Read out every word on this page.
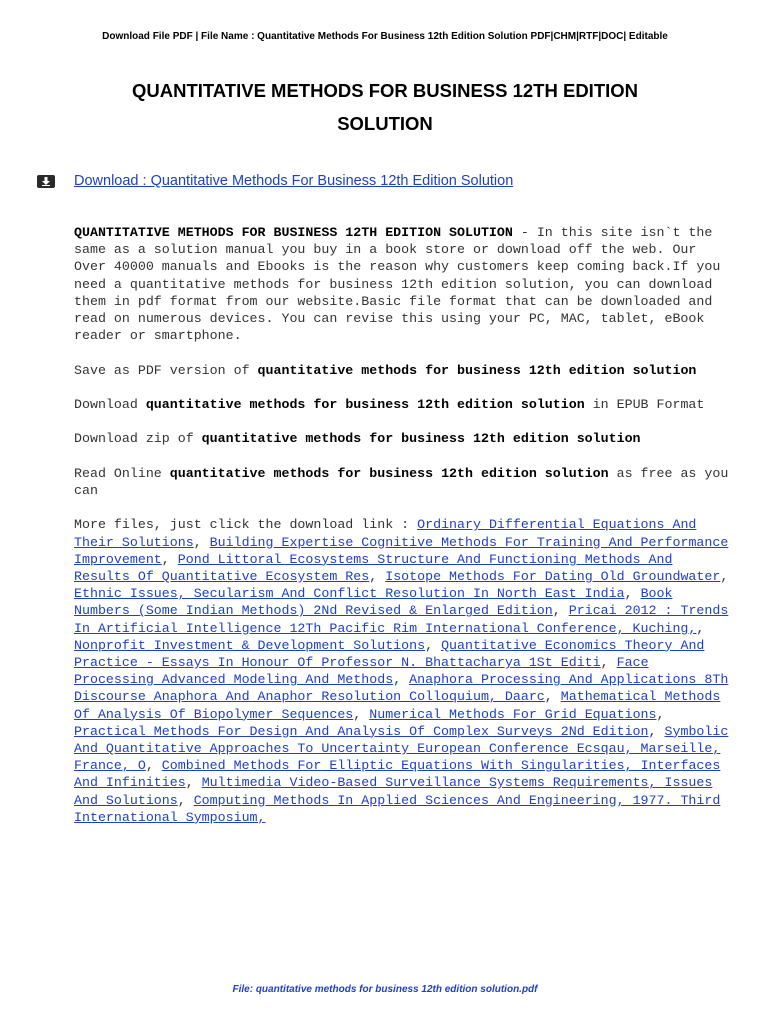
Download File PDF | File Name : Quantitative Methods For Business 12th Edition Solution PDF|CHM|RTF|DOC| Editable
QUANTITATIVE METHODS FOR BUSINESS 12TH EDITION
SOLUTION
Download : Quantitative Methods For Business 12th Edition Solution

QUANTITATIVE METHODS FOR BUSINESS 12TH EDITION SOLUTION - In this site isn`t the same as a solution manual you buy in a book store or download off the web. Our Over 40000 manuals and Ebooks is the reason why customers keep coming back.If you need a quantitative methods for business 12th edition solution, you can download them in pdf format from our website.Basic file format that can be downloaded and read on numerous devices. You can revise this using your PC, MAC, tablet, eBook reader or smartphone.

Save as PDF version of quantitative methods for business 12th edition solution

Download quantitative methods for business 12th edition solution in EPUB Format

Download zip of quantitative methods for business 12th edition solution

Read Online quantitative methods for business 12th edition solution as free as you can

More files, just click the download link : Ordinary Differential Equations And Their Solutions, Building Expertise Cognitive Methods For Training And Performance Improvement, Pond Littoral Ecosystems Structure And Functioning Methods And Results Of Quantitative Ecosystem Res, Isotope Methods For Dating Old Groundwater, Ethnic Issues, Secularism And Conflict Resolution In North East India, Book Numbers (Some Indian Methods) 2Nd Revised & Enlarged Edition, Pricai 2012 : Trends In Artificial Intelligence 12Th Pacific Rim International Conference, Kuching,, Nonprofit Investment & Development Solutions, Quantitative Economics Theory And Practice - Essays In Honour Of Professor N. Bhattacharya 1St Editi, Face Processing Advanced Modeling And Methods, Anaphora Processing And Applications 8Th Discourse Anaphora And Anaphor Resolution Colloquium, Daarc, Mathematical Methods Of Analysis Of Biopolymer Sequences, Numerical Methods For Grid Equations, Practical Methods For Design And Analysis Of Complex Surveys 2Nd Edition, Symbolic And Quantitative Approaches To Uncertainty European Conference Ecsqau, Marseille, France, O, Combined Methods For Elliptic Equations With Singularities, Interfaces And Infinities, Multimedia Video-Based Surveillance Systems Requirements, Issues And Solutions, Computing Methods In Applied Sciences And Engineering, 1977. Third International Symposium,

File: quantitative methods for business 12th edition solution.pdf
